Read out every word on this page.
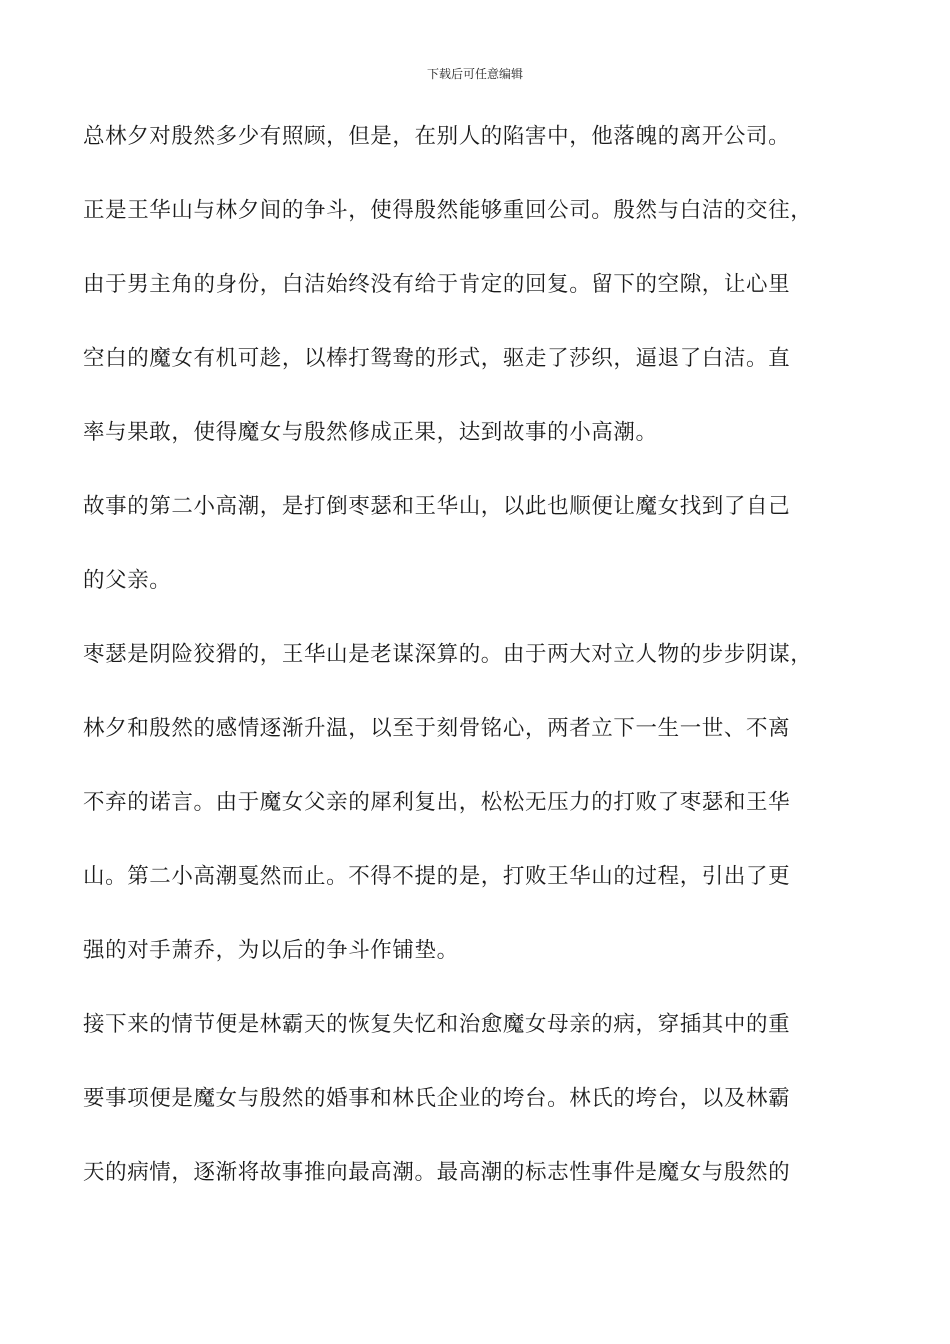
下载后可任意编辑
总林夕对殷然多少有照顾，但是，在别人的陷害中，他落魄的离开公司。
正是王华山与林夕间的争斗，使得殷然能够重回公司。殷然与白洁的交往，
由于男主角的身份，白洁始终没有给于肯定的回复。留下的空隙，让心里
空白的魔女有机可趁，以棒打鸳鸯的形式，驱走了莎织，逼退了白洁。直
率与果敢，使得魔女与殷然修成正果，达到故事的小高潮。
故事的第二小高潮，是打倒枣瑟和王华山，以此也顺便让魔女找到了自己
的父亲。
枣瑟是阴险狡猾的，王华山是老谋深算的。由于两大对立人物的步步阴谋，
林夕和殷然的感情逐渐升温，以至于刻骨铭心，两者立下一生一世、不离
不弃的诺言。由于魔女父亲的犀利复出，松松无压力的打败了枣瑟和王华
山。第二小高潮戛然而止。不得不提的是，打败王华山的过程，引出了更
强的对手萧乔，为以后的争斗作铺垫。
接下来的情节便是林霸天的恢复失忆和治愈魔女母亲的病，穿插其中的重
要事项便是魔女与殷然的婚事和林氏企业的垮台。林氏的垮台，以及林霸
天的病情，逐渐将故事推向最高潮。最高潮的标志性事件是魔女与殷然的
